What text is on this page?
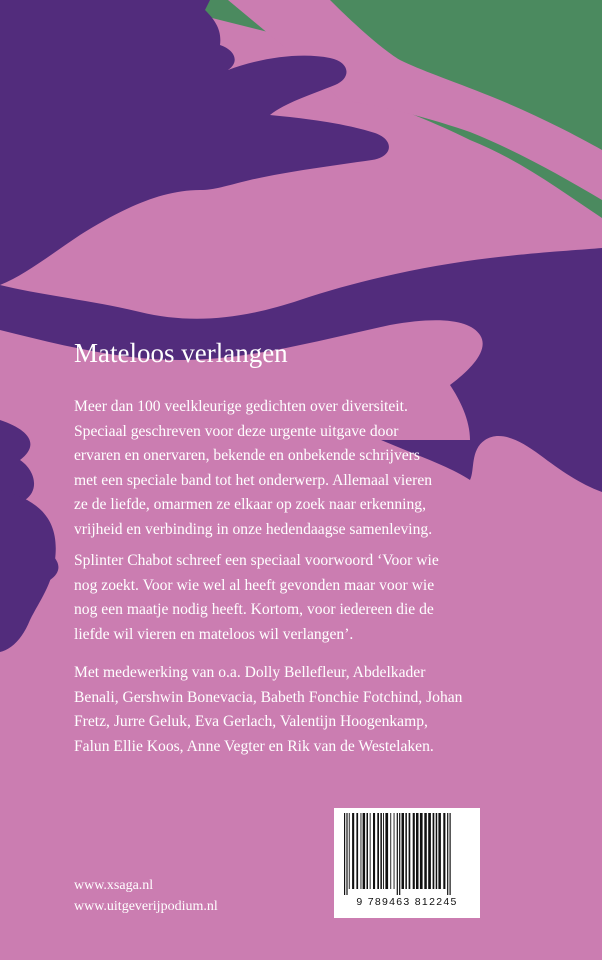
Mateloos verlangen
Meer dan 100 veelkleurige gedichten over diversiteit.
Speciaal geschreven voor deze urgente uitgave door
ervaren en onervaren, bekende en onbekende schrijvers
met een speciale band tot het onderwerp. Allemaal vieren
ze de liefde, omarmen ze elkaar op zoek naar erkenning,
vrijheid en verbinding in onze hedendaagse samenleving.
Splinter Chabot schreef een speciaal voorwoord ‘Voor wie
nog zoekt. Voor wie wel al heeft gevonden maar voor wie
nog een maatje nodig heeft. Kortom, voor iedereen die de
liefde wil vieren en mateloos wil verlangen’.
Met medewerking van o.a. Dolly Bellefleur, Abdelkader
Benali, Gershwin Bonevacia, Babeth Fonchie Fotchind, Johan
Fretz, Jurre Geluk, Eva Gerlach, Valentijn Hoogenkamp,
Falun Ellie Koos, Anne Vegter en Rik van de Westelaken.

www.xsaga.nl

www.uitgeverijpodium.nl	9 789463 812245
